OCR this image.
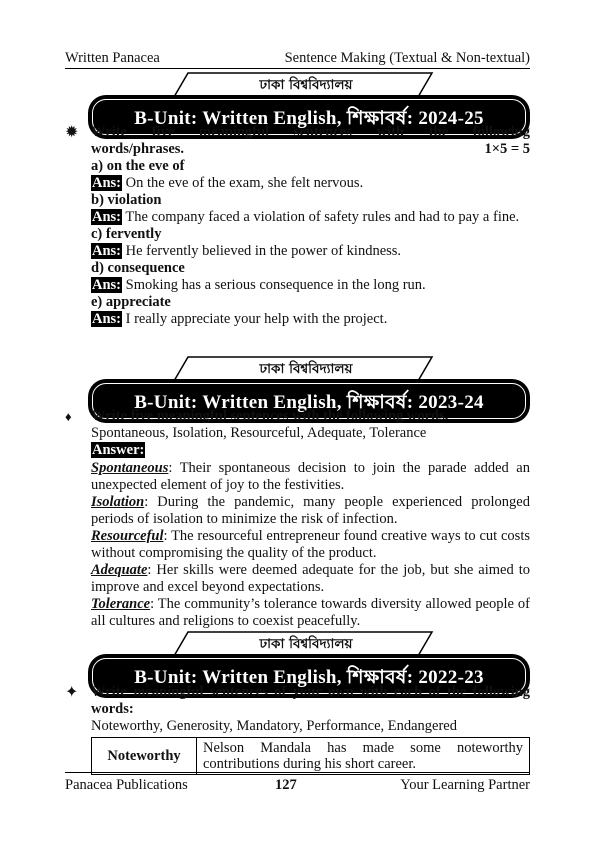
Written Panacea	Sentence Making (Textual & Non-textual)
ঢাকা বিশ্ববিদ্যালয়
B-Unit: Written English, শিক্ষাবর্ষ: 2024-25
✹ Write  five  meaningful  sentences  with  the  following
words/phrases.	1×5 = 5
a) on the eve of
Ans: On the eve of the exam, she felt nervous.
b) violation
Ans: The company faced a violation of safety rules and had to pay a fine.
c) fervently
Ans: He fervently believed in the power of kindness.
d) consequence
Ans: Smoking has a serious consequence in the long run.
e) appreciate
Ans: I really appreciate your help with the project.
ঢাকা বিশ্ববিদ্যালয়
B-Unit: Written English, শিক্ষাবর্ষ: 2023-24
♦ Write five meaningful sentences with the following words.
Spontaneous, Isolation, Resourceful, Adequate, Tolerance
Answer:
Spontaneous: Their spontaneous decision to join the parade added an unexpected element of joy to the festivities.
Isolation: During the pandemic, many people experienced prolonged periods of isolation to minimize the risk of infection.
Resourceful: The resourceful entrepreneur found creative ways to cut costs without compromising the quality of the product.
Adequate: Her skills were deemed adequate for the job, but she aimed to improve and excel beyond expectations.
Tolerance: The community’s tolerance towards diversity allowed people of all cultures and religions to coexist peacefully.
ঢাকা বিশ্ববিদ্যালয়
B-Unit: Written English, শিক্ষাবর্ষ: 2022-23
✦ Write meaningful sentences of your own with each of the following words:
Noteworthy, Generosity, Mandatory, Performance, Endangered
Noteworthy	Nelson Mandala has made some noteworthy contributions during his short career.
Panacea Publications	127	Your Learning Partner
